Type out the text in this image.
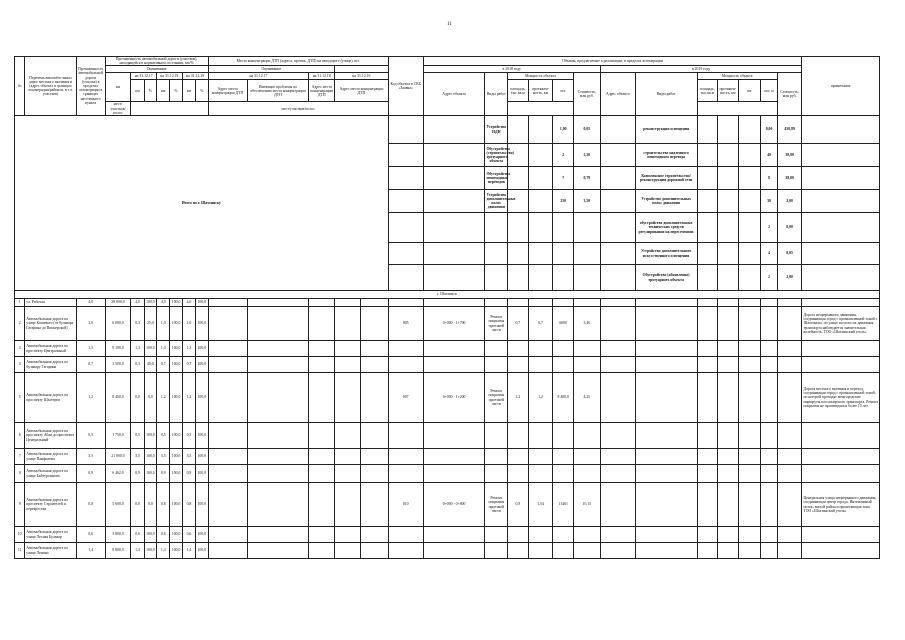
11
№	Перечень автомоби-льных дорог местного значения и (адрес объекта в границах агломерации/районов, в т.ч. участков)	Протяженность автомобильной дороги (участка) в пределах агломерации в границах населенного пункта	Протяженность автомобильной дороги (участков), находящейся в нормативном состоянии, км/%							Места концентрации ДТП (адреса, протяж. ДТП) на автодороге (улице), шт.					Код объекта в СКБ «Заявка»	Объемы, предлагаемые к реализации, в пределах агломерации													примечание
			Оценивание							Оценивание						в 2018 году						в 2019 году							
			км	на 31.12.17		на 31.12.18		на 31.12.19		на 31.12.17		на 31.12.18	на 31.12.19			Адрес объекта	Виды работ	Мощность объекта			Стоимость, млн руб.	Адрес объекта	Виды работ	Мощность объекта				Стоимость, млн руб.	
				км	%	км	%	км	%	Адрес места концентрации ДТП	Имеющие проблемы по обеспечению места концентрации ДТП	Адрес места концентрации ДТП	Адрес места концентрации ДТП					площадь, тыс.кв.м	протяжен-ность, км	шт.				площадь, тыс.кв.м	протяжен-ность, км	шт.	пог. м		
			мест/участков/полос							мест/участков/полос																			
Итого по г. Шахтинску																	Устройство ИДН			1,00	0,05		реконструкция освещения				0,06	450,89	
																	Обустройство (строительство) тротуарного объекта			2	2,50		строительство надземного пешеходного перехода				40	30,00	
																	Обустройство пешеходных переходов			7	0,79		Комплексное строительство/реконструкция дорожной сети				8	28,00	
																	Устройство дополнительных полос движения			250	3,50		Устройство дополнительных полос движения				30	2,00	
																							обустройство дополнительных технических средств регулирования на пересечениях				2	8,00	
																							Устройство дополнительного искусственного освещения				4	0,05	
																							Обустройство (обновление) тротуарного объекта				2	2,00	
г. Шахтинск																													
1	ул. Рабочая	4,0	28 000,0	4,0	100,0	4,0	100,0	4,0	100,0																				
2	Автомобильная дорога по улице Кошевого (от бульвара Гагарина до Пионерской)	1,0	6 000,0	0,3	25,0	1,0	100,0	1,0	100,0						005	0+000 - 1+700	Ремонт покрытия проезжей части	0,7	0,7	6000	3,46								Дорога непрерывного движения, соединяющая город с промышленной зоной г. Шахтинска, по улице на полосах движения транспорта наблюдается значительная колейность. ТОО «Шахтинский уголь»
3	Автомобильная дорога по проспекту Центральный	1,3	9 100,0	1,3	100,0	1,3	100,0	1,3	100,0																				
4	Автомобильная дорога по бульвару Гагарина	0,7	3 500,0	0,3	40,0	0,7	100,0	0,7	100,0																				
5	Автомобильная дорога по проспекту Шахтеров	1,2	8 400,0	0,0	0,0	1,2	100,0	1,2	100,0						007	0+000 - 1+200	Ремонт покрытия проезжей части	1,2	1,2	8 400,0	4,25								Дорога местного значения и переход, соединяющая город с промышленной зоной, по которой проходят межгородские маршруты пассажирского транспорта. Ремонт покрытия не производился более 10 лет
6	Автомобильная дорога по проспекту Абая до проспекта Центральный	0,5	1 750,0	0,5	100,0	0,5	100,0	0,5	100,0																				
7	Автомобильная дорога по улице Панфилова	3,5	21 000,0	3,5	100,0	3,5	100,0	3,5	100,0																				
8	Автомобильная дорога по улице Байтурсынова	0,9	6 462,0	0,9	100,0	0,9	100,0	0,9	100,0																				
9	Автомобильная дорога по проспекту Строителей и перекрестки	0,8	5 600,0	0,0	0,0	0,8	100,0	0,8	100,0						010	0+000 - 0+800	Ремонт покрытия проезжей части	0,8	1,54	11461	10,15								Центральная улица непрерывного движения, соединяющая центр города. Интенсивный поток, жилой район и прилегающая зона. ТОО «Шахтинский уголь»
10	Автомобильная дорога по улице Лесная Бульвар	0,6	3 800,0	0,6	100,0	0,6	100,0	0,6	100,0																				
11	Автомобильная дорога по улице Ленина	1,4	9 800,0	1,4	100,0	1,4	100,0	1,4	100,0																				
